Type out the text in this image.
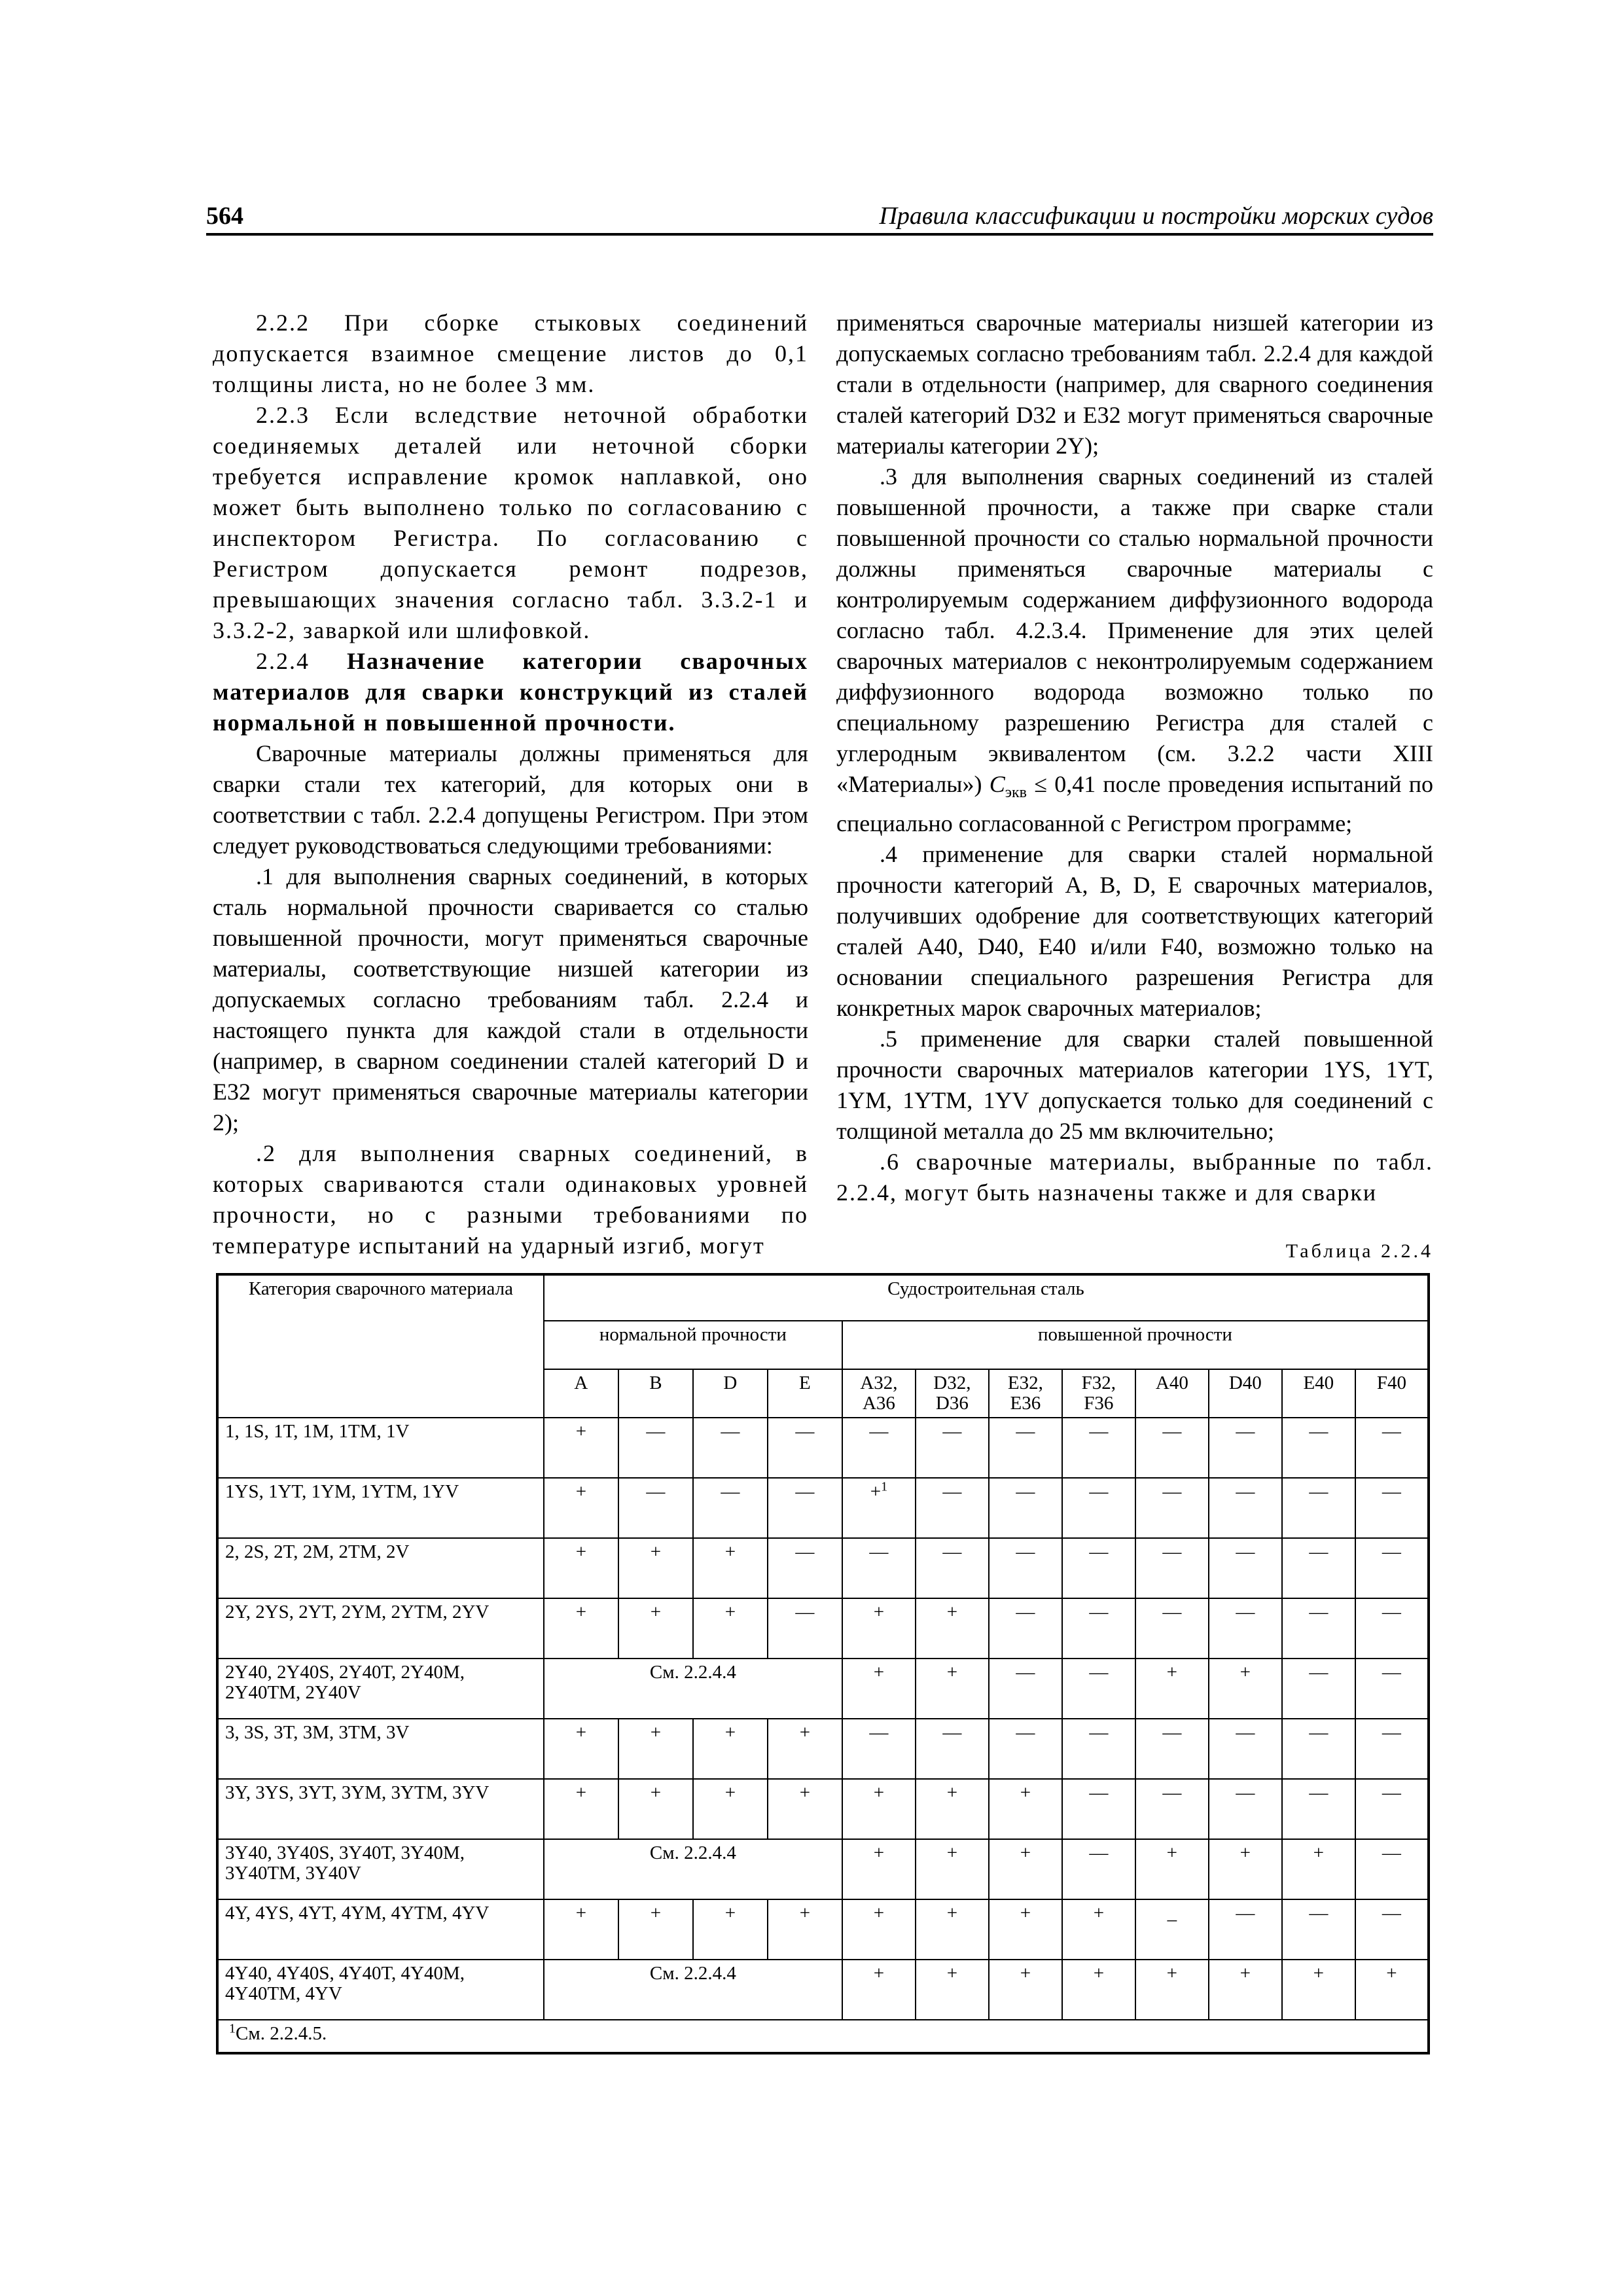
564	Правила классификации и постройки морских судов

2.2.2 При сборке стыковых соединений допускается взаимное смещение листов до 0,1 толщины листа, но не более 3 мм.

2.2.3 Если вследствие неточной обработки соединяемых деталей или неточной сборки требуется исправление кромок наплавкой, оно может быть выполнено только по согласованию с инспектором Регистра. По согласованию с Регистром допускается ремонт подрезов, превышающих значения согласно табл. 3.3.2-1 и 3.3.2-2, заваркой или шлифовкой.

2.2.4 Назначение категории сварочных материалов для сварки конструкций из сталей нормальной н повышенной прочности.

Сварочные материалы должны применяться для сварки стали тех категорий, для которых они в соответствии с табл. 2.2.4 допущены Регистром. При этом следует руководствоваться следующими требованиями:

.1 для выполнения сварных соединений, в которых сталь нормальной прочности сваривается со сталью повышенной прочности, могут применяться сварочные материалы, соответствующие низшей категории из допускаемых согласно требованиям табл. 2.2.4 и настоящего пункта для каждой стали в отдельности (например, в сварном соединении сталей категорий D и Е32 могут применяться сварочные материалы категории 2);

.2 для выполнения сварных соединений, в которых свариваются стали одинаковых уровней прочности, но с разными требованиями по температуре испытаний на ударный изгиб, могут

применяться сварочные материалы низшей категории из допускаемых согласно требованиям табл. 2.2.4 для каждой стали в отдельности (например, для сварного соединения сталей категорий D32 и Е32 могут применяться сварочные материалы категории 2Y);

.3 для выполнения сварных соединений из сталей повышенной прочности, а также при сварке стали повышенной прочности со сталью нормальной прочности должны применяться сварочные материалы с контролируемым содержанием диффузионного водорода согласно табл. 4.2.3.4. Применение для этих целей сварочных материалов с неконтролируемым содержанием диффузионного водорода возможно только по специальному разрешению Регистра для сталей с углеродным эквивалентом (см. 3.2.2 части XIII «Материалы») $C_{экв} \le 0,41$ после проведения испытаний по специально согласованной с Регистром программе;

.4 применение для сварки сталей нормальной прочности категорий А, В, D, Е сварочных материалов, получивших одобрение для соответствующих категорий сталей А40, D40, Е40 и/или F40, возможно только на основании специального разрешения Регистра для конкретных марок сварочных материалов;

.5 применение для сварки сталей повышенной прочности сварочных материалов категории 1YS, 1YT, 1YM, 1YTM, 1YV допускается только для соединений с толщиной металла до 25 мм включительно;

.6 сварочные материалы, выбранные по табл. 2.2.4, могут быть назначены также и для сварки

Таблица 2.2.4
Категория сварочного материала	Судостроительная сталь											
	нормальной прочности				повышенной прочности							
	A	B	D	E	A32, A36	D32, D36	E32, E36	F32, F36	A40	D40	E40	F40
1, 1S, 1T, 1M, 1TM, 1V	+	—	—	—	—	—	—	—	—	—	—	—
1YS, 1YT, 1YM, 1YTM, 1YV	+	—	—	—	+$^1$	—	—	—	—	—	—	—
2, 2S, 2T, 2M, 2TM, 2V	+	+	+	—	—	—	—	—	—	—	—	—
2Y, 2YS, 2YT, 2YM, 2YTM, 2YV	+	+	+	—	+	+	—	—	—	—	—	—
2Y40, 2Y40S, 2Y40T, 2Y40M, 2Y40TM, 2Y40V	См. 2.2.4.4				+	+	—	—	+	+	—	—
3, 3S, 3T, 3M, 3TM, 3V	+	+	+	+	—	—	—	—	—	—	—	—
3Y, 3YS, 3YT, 3YM, 3YTM, 3YV	+	+	+	+	+	+	+	—	—	—	—	—
3Y40, 3Y40S, 3Y40T, 3Y40M, 3Y40TM, 3Y40V	См. 2.2.4.4				+	+	+	—	+	+	+	—
4Y, 4YS, 4YT, 4YM, 4YTM, 4YV	+	+	+	+	+	+	+	+	_	—	—	—
4Y40, 4Y40S, 4Y40T, 4Y40M, 4Y40TM, 4YV	См. 2.2.4.4				+	+	+	+	+	+	+	+
$^1$См. 2.2.4.5.												
